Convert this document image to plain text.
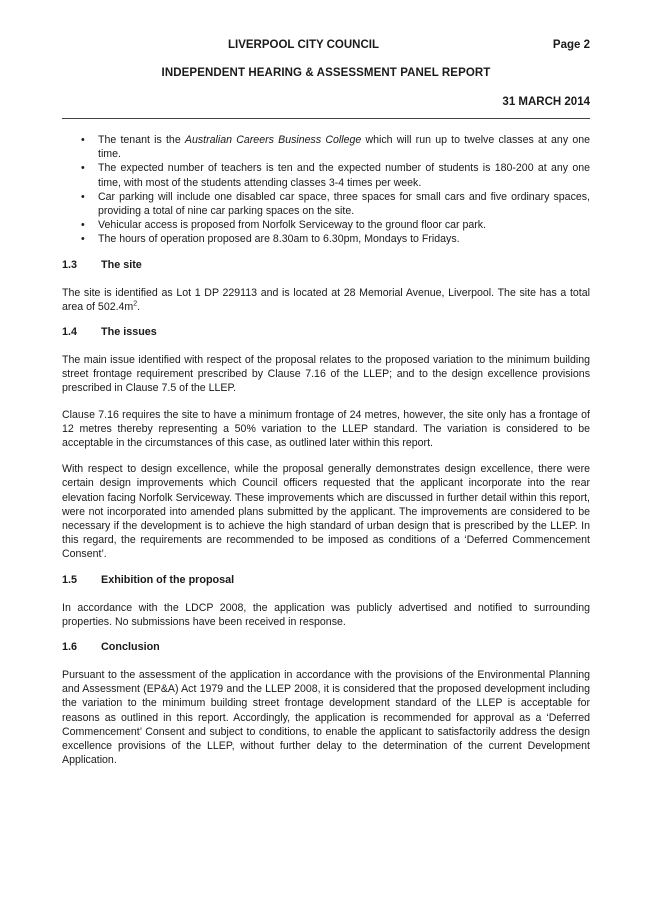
LIVERPOOL CITY COUNCIL	Page 2
INDEPENDENT HEARING & ASSESSMENT PANEL REPORT
31 MARCH 2014
• The tenant is the Australian Careers Business College which will run up to twelve classes at any one time.
• The expected number of teachers is ten and the expected number of students is 180-200 at any one time, with most of the students attending classes 3-4 times per week.
• Car parking will include one disabled car space, three spaces for small cars and five ordinary spaces, providing a total of nine car parking spaces on the site.
• Vehicular access is proposed from Norfolk Serviceway to the ground floor car park.
• The hours of operation proposed are 8.30am to 6.30pm, Mondays to Fridays.
1.3 The site

The site is identified as Lot 1 DP 229113 and is located at 28 Memorial Avenue, Liverpool. The site has a total area of $502.4m^2$.

1.4 The issues

The main issue identified with respect of the proposal relates to the proposed variation to the minimum building street frontage requirement prescribed by Clause 7.16 of the LLEP; and to the design excellence provisions prescribed in Clause 7.5 of the LLEP.

Clause 7.16 requires the site to have a minimum frontage of 24 metres, however, the site only has a frontage of 12 metres thereby representing a 50% variation to the LLEP standard. The variation is considered to be acceptable in the circumstances of this case, as outlined later within this report.

With respect to design excellence, while the proposal generally demonstrates design excellence, there were certain design improvements which Council officers requested that the applicant incorporate into the rear elevation facing Norfolk Serviceway. These improvements which are discussed in further detail within this report, were not incorporated into amended plans submitted by the applicant. The improvements are considered to be necessary if the development is to achieve the high standard of urban design that is prescribed by the LLEP. In this regard, the requirements are recommended to be imposed as conditions of a ‘Deferred Commencement Consent’.

1.5 Exhibition of the proposal

In accordance with the LDCP 2008, the application was publicly advertised and notified to surrounding properties. No submissions have been received in response.

1.6 Conclusion

Pursuant to the assessment of the application in accordance with the provisions of the Environmental Planning and Assessment (EP&A) Act 1979 and the LLEP 2008, it is considered that the proposed development including the variation to the minimum building street frontage development standard of the LLEP is acceptable for reasons as outlined in this report. Accordingly, the application is recommended for approval as a ‘Deferred Commencement’ Consent and subject to conditions, to enable the applicant to satisfactorily address the design excellence provisions of the LLEP, without further delay to the determination of the current Development Application.
